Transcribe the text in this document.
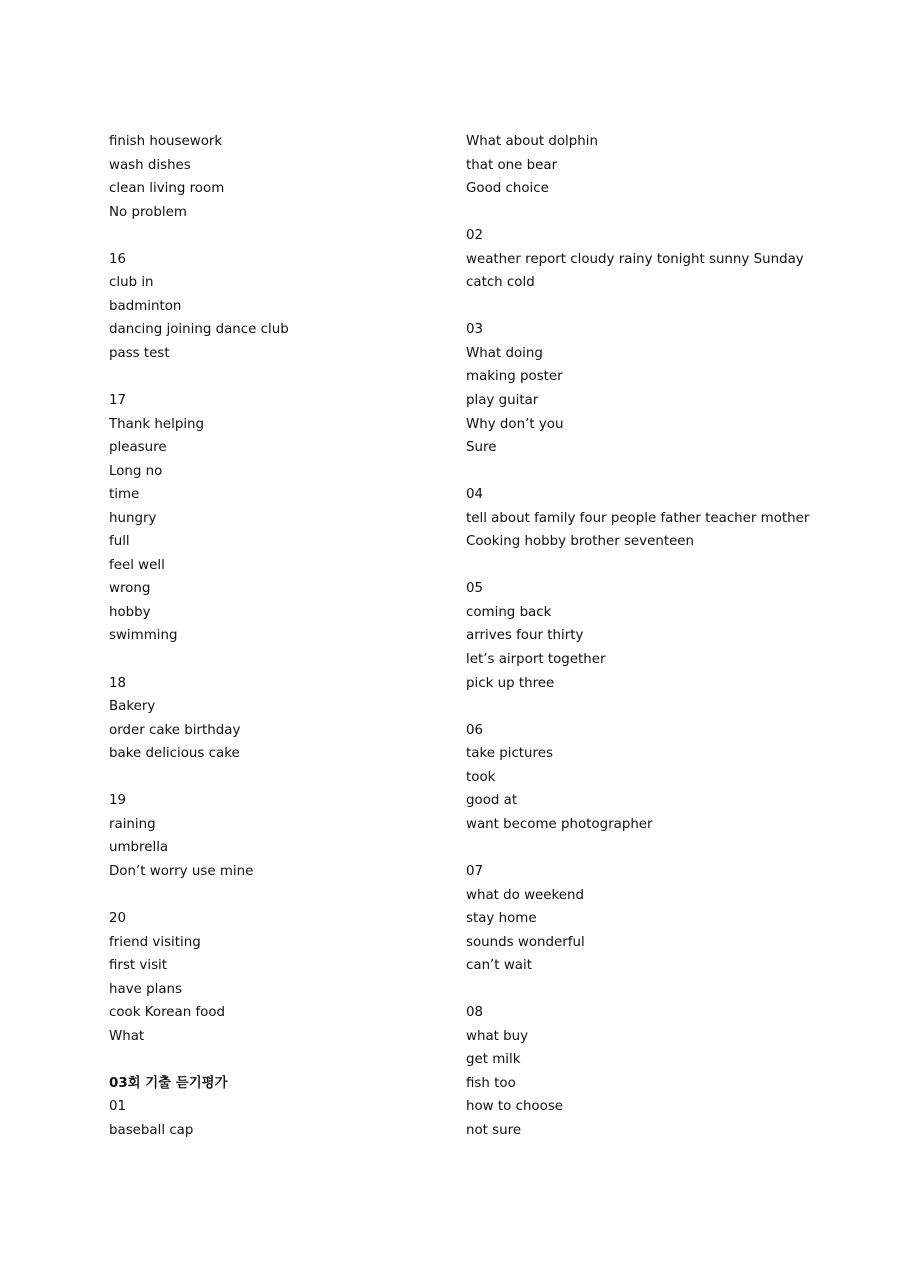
finish housework
wash dishes
clean living room
No problem
16
club in
badminton
dancing joining dance club
pass test
17
Thank helping
pleasure
Long no
time
hungry
full
feel well
wrong
hobby
swimming
18
Bakery
order cake birthday
bake delicious cake
19
raining
umbrella
Don’t worry use mine
20
friend visiting
first visit
have plans
cook Korean food
What
03회 기출 듣기평가
01
baseball cap
What about dolphin
that one bear
Good choice
02
weather report cloudy rainy tonight sunny Sunday
catch cold
03
What doing
making poster
play guitar
Why don’t you
Sure
04
tell about family four people father teacher mother
Cooking hobby brother seventeen
05
coming back
arrives four thirty
let’s airport together
pick up three
06
take pictures
took
good at
want become photographer
07
what do weekend
stay home
sounds wonderful
can’t wait
08
what buy
get milk
fish too
how to choose
not sure
